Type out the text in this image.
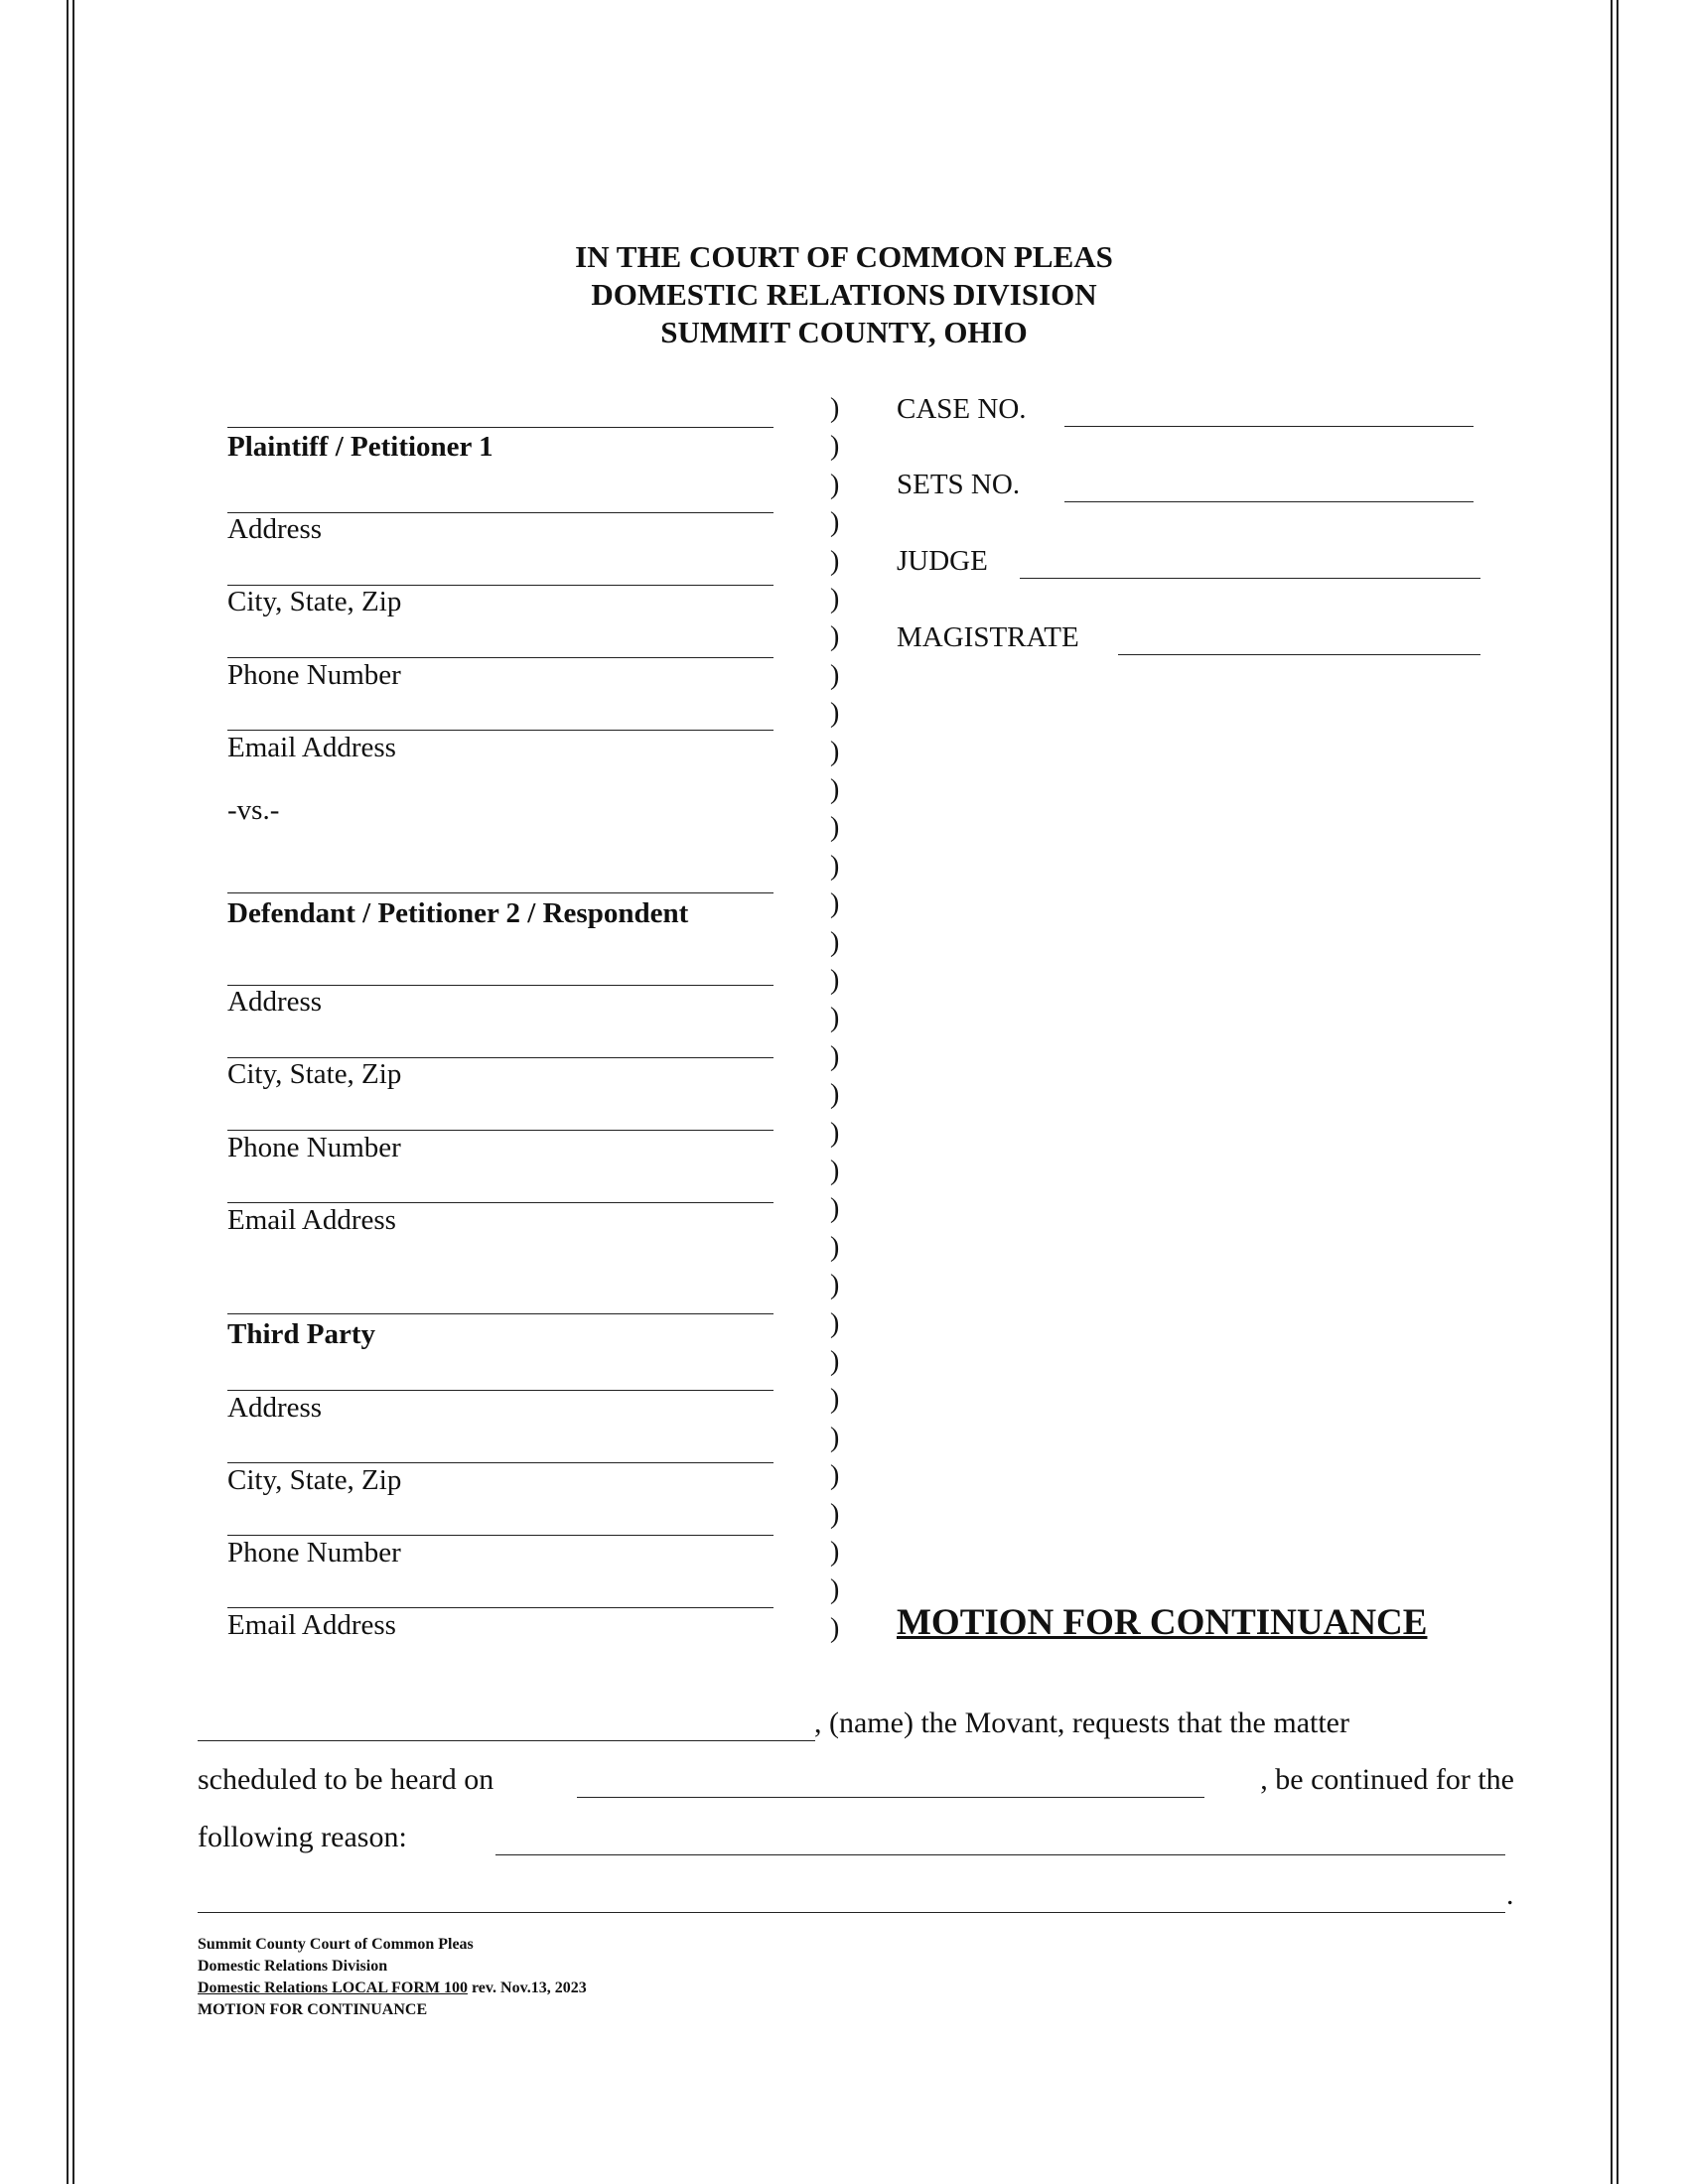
IN THE COURT OF COMMON PLEAS
DOMESTIC RELATIONS DIVISION
SUMMIT COUNTY, OHIO
Plaintiff / Petitioner 1
Address
City, State, Zip
Phone Number
Email Address
-vs.-
Defendant / Petitioner 2 / Respondent
Address
City, State, Zip
Phone Number
Email Address
Third Party
Address
City, State, Zip
Phone Number
Email Address
)
)
)
)
)
)
)
)
)
)
)
)
)
)
)
)
)
)
)
)
)
)
)
)
)
)
)
)
)
)
)
)
)
CASE NO.
SETS NO.
JUDGE
MAGISTRATE
MOTION FOR CONTINUANCE
, (name) the Movant, requests that the matter
scheduled to be heard on	, be continued for the
following reason:
.
Summit County Court of Common Pleas
Domestic Relations Division
Domestic Relations LOCAL FORM 100 rev. Nov.13, 2023
MOTION FOR CONTINUANCE
